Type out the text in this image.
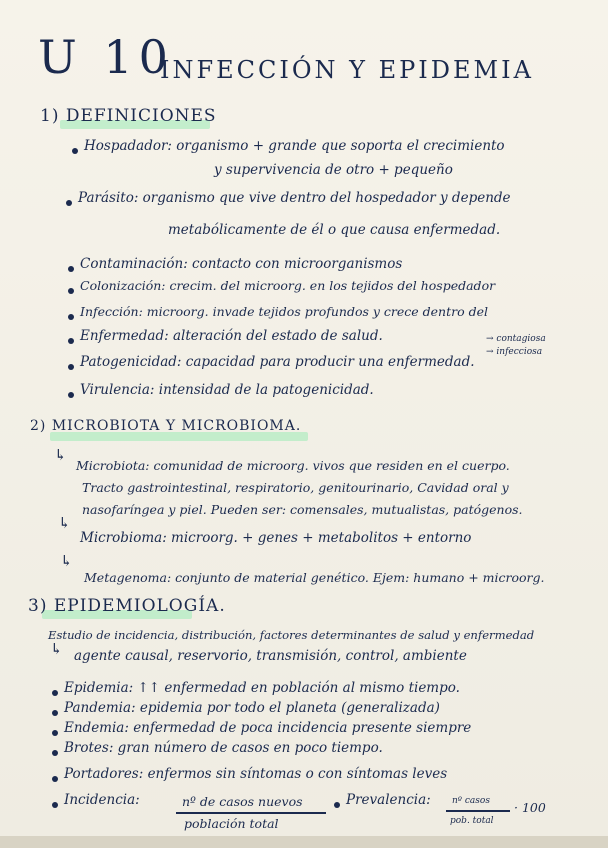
U 10
INFECCIÓN Y EPIDEMIA
1) DEFINICIONES
Hospadador: organismo + grande que soporta el crecimiento
y supervivencia de otro + pequeño
Parásito: organismo que vive dentro del hospedador y depende
metabólicamente de él o que causa enfermedad.
Contaminación: contacto con microorganismos
Colonización: crecim. del microorg. en los tejidos del hospedador
Infección: microorg. invade tejidos profundos y crece dentro del
Enfermedad: alteración del estado de salud.	→ contagiosa
→ infecciosa
Patogenicidad: capacidad para producir una enfermedad.
Virulencia: intensidad de la patogenicidad.
2) MICROBIOTA Y MICROBIOMA.
↳
Microbiota: comunidad de microorg. vivos que residen en el cuerpo.
Tracto gastrointestinal, respiratorio, genitourinario, Cavidad oral y
nasofaríngea y piel. Pueden ser: comensales, mutualistas, patógenos.
↳
Microbioma: microorg. + genes + metabolitos + entorno
↳
Metagenoma: conjunto de material genético. Ejem: humano + microorg.
3) EPIDEMIOLOGÍA.
Estudio de incidencia, distribución, factores determinantes de salud y enfermedad
↳ agente causal, reservorio, transmisión, control, ambiente
Epidemia: ↑↑ enfermedad en población al mismo tiempo.
Pandemia: epidemia por todo el planeta (generalizada)
Endemia: enfermedad de poca incidencia presente siempre
Brotes: gran número de casos en poco tiempo.
Portadores: enfermos sin síntomas o con síntomas leves
Incidencia:	nº de casos nuevos
población total
Prevalencia: nº casos
pob. total
· 100
